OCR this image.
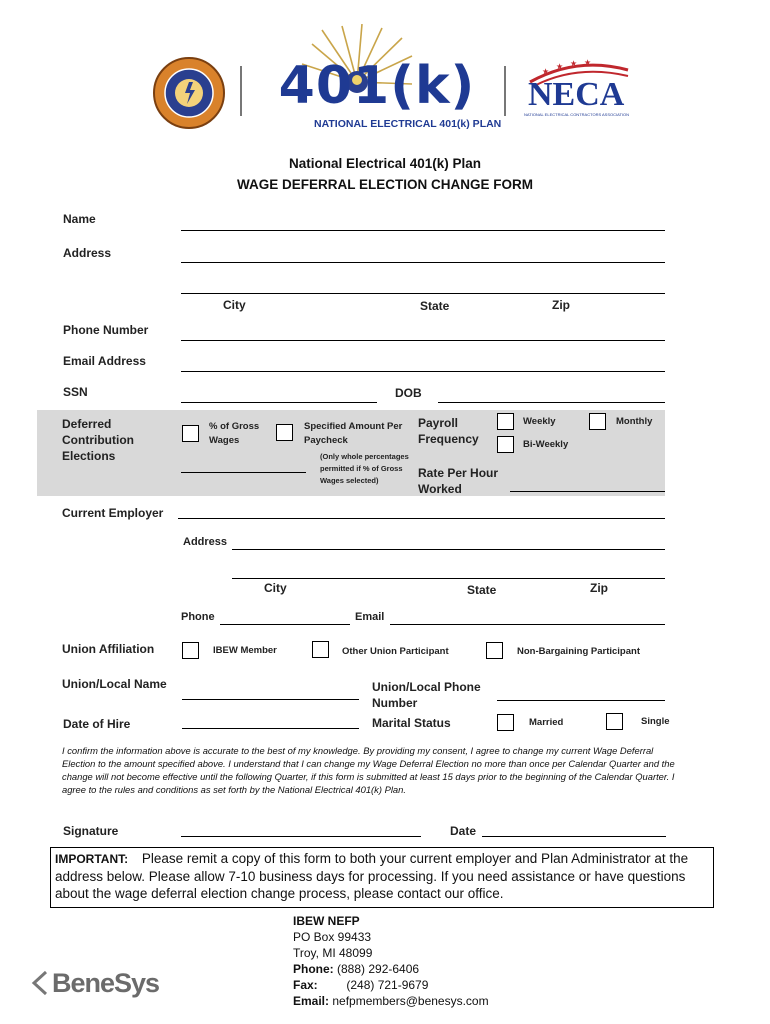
401(k)
NATIONAL ELECTRICAL 401(k) PLAN
★
★ ★ ★
NECA
NATIONAL ELECTRICAL CONTRACTORS ASSOCIATION
National Electrical 401(k) Plan
WAGE DEFERRAL ELECTION CHANGE FORM
Name
Address
City	State	Zip
Phone Number
Email Address
SSN	DOB
Deferred Contribution Elections
% of Gross Wages
Specified Amount Per Paycheck
(Only whole percentages permitted if % of Gross Wages selected)
Payroll Frequency
Weekly	Monthly
Bi-Weekly
Rate Per Hour Worked
Current Employer
Address
City	State	Zip
Phone	Email
Union Affiliation	IBEW Member	Other Union Participant	Non-Bargaining Participant
Union/Local Name	Union/Local Phone Number
Date of Hire	Marital Status	Married	Single
I confirm the information above is accurate to the best of my knowledge. By providing my consent, I agree to change my current Wage Deferral Election to the amount specified above. I understand that I can change my Wage Deferral Election no more than once per Calendar Quarter and the change will not become effective until the following Quarter, if this form is submitted at least 15 days prior to the beginning of the Calendar Quarter. I agree to the rules and conditions as set forth by the National Electrical 401(k) Plan.
Signature	Date
IMPORTANT: Please remit a copy of this form to both your current employer and Plan Administrator at the address below. Please allow 7-10 business days for processing. If you need assistance or have questions about the wage deferral election change process, please contact our office.
IBEW NEFP
PO Box 99433
Troy, MI 48099
Phone: (888) 292-6406
Fax: (248) 721-9679
Email: nefpmembers@benesys.com
BeneSys
